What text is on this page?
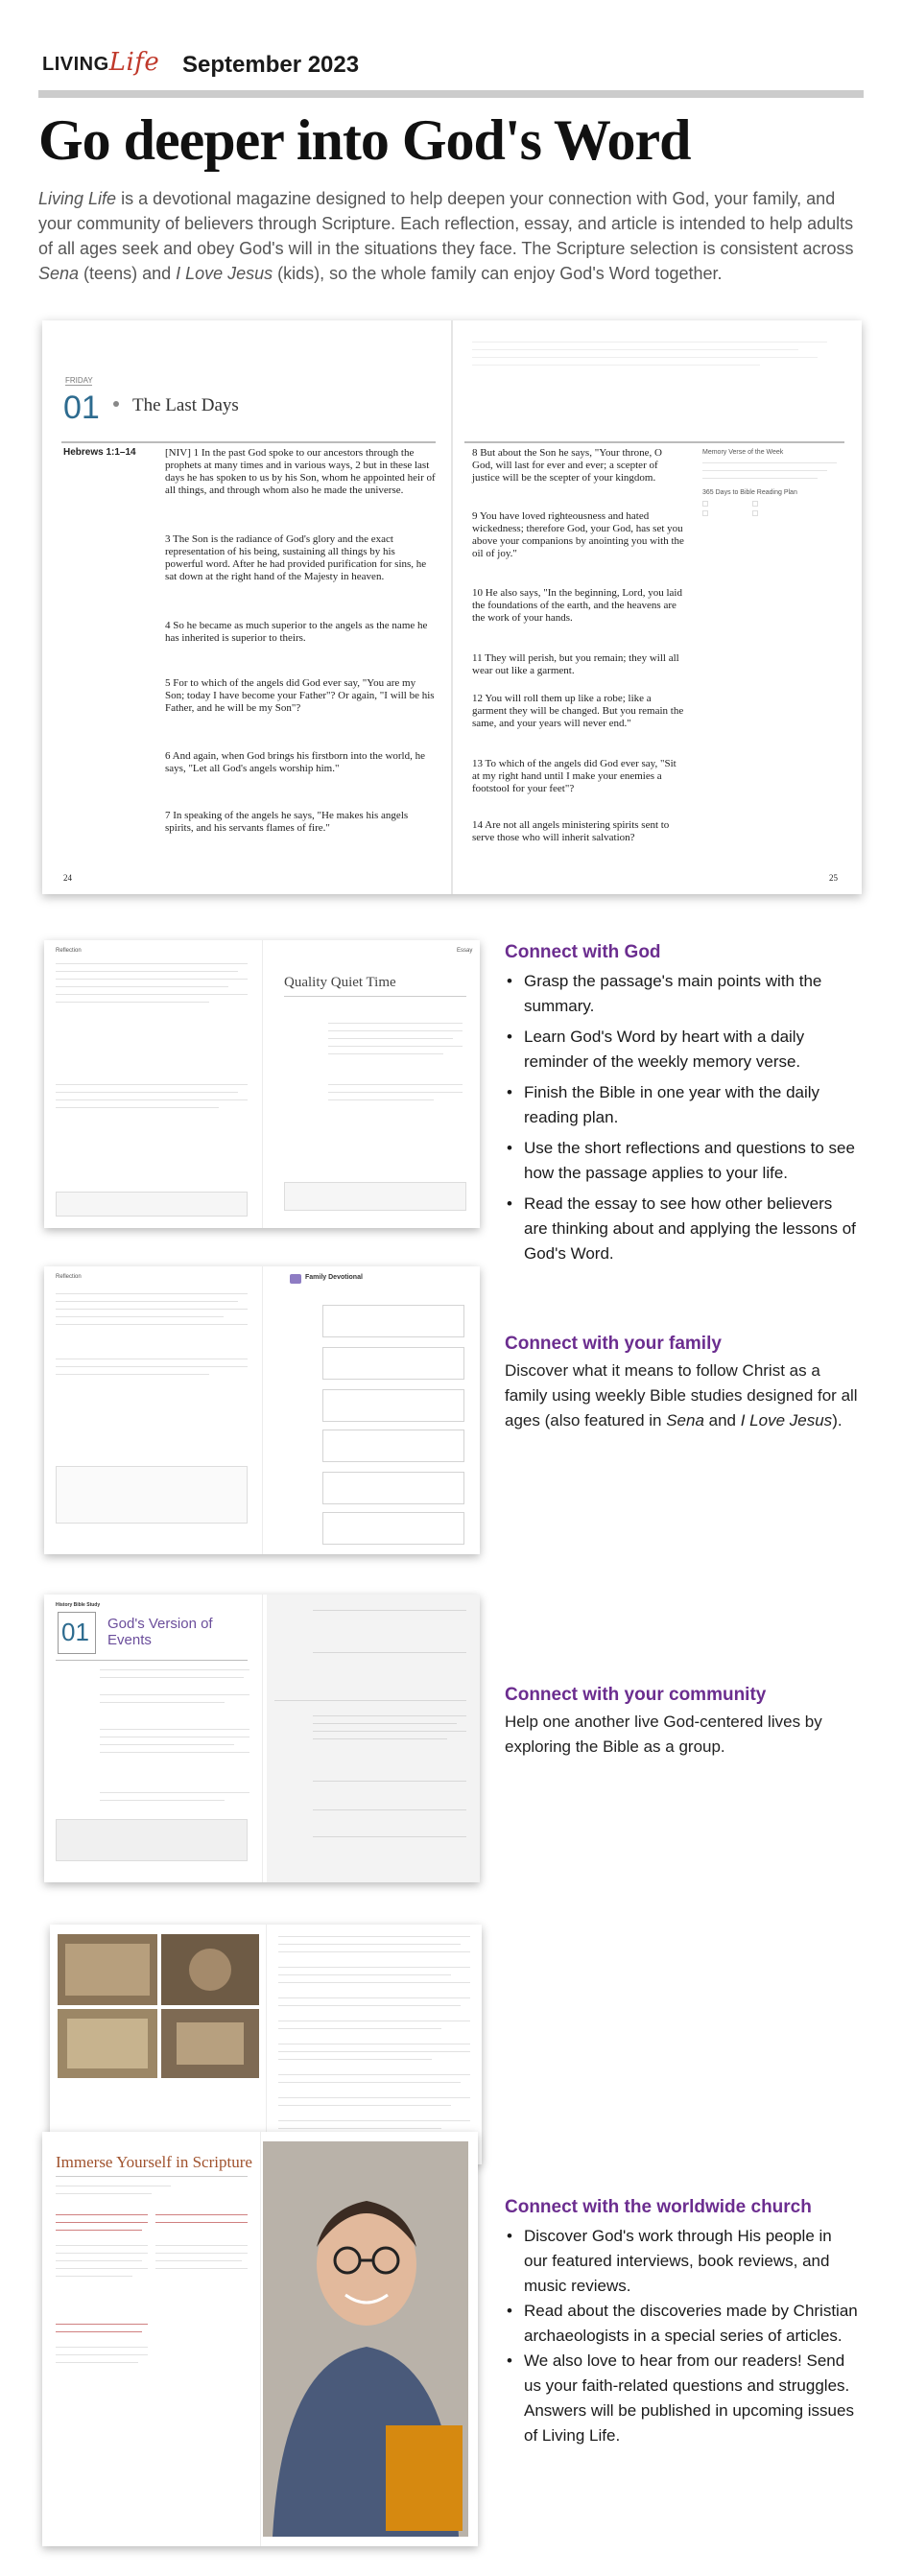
LIVINGLife September 2023
Go deeper into God's Word

Living Life is a devotional magazine designed to help deepen your connection with God, your family, and your community of believers through Scripture. Each reflection, essay, and article is intended to help adults of all ages seek and obey God's will in the situations they face. The Scripture selection is consistent across Sena (teens) and I Love Jesus (kids), so the whole family can enjoy God's Word together.

FRIDAY
01 The Last Days
Hebrews 1:1–14	[NIV] 1 In the past God spoke to our ancestors through the prophets at many times and in various ways, 2 but in these last days he has spoken to us by his Son, whom he appointed heir of all things, and through whom also he made the universe.
3 The Son is the radiance of God's glory and the exact representation of his being, sustaining all things by his powerful word. After he had provided purification for sins, he sat down at the right hand of the Majesty in heaven.
4 So he became as much superior to the angels as the name he has inherited is superior to theirs.
5 For to which of the angels did God ever say, "You are my Son; today I have become your Father"? Or again, "I will be his Father, and he will be my Son"?
6 And again, when God brings his firstborn into the world, he says, "Let all God's angels worship him."
7 In speaking of the angels he says, "He makes his angels spirits, and his servants flames of fire."
24
8 But about the Son he says, "Your throne, O God, will last for ever and ever; a scepter of justice will be the scepter of your kingdom.
9 You have loved righteousness and hated wickedness; therefore God, your God, has set you above your companions by anointing you with the oil of joy."
10 He also says, "In the beginning, Lord, you laid the foundations of the earth, and the heavens are the work of your hands.
11 They will perish, but you remain; they will all wear out like a garment.
12 You will roll them up like a robe; like a garment they will be changed. But you remain the same, and your years will never end."
13 To which of the angels did God ever say, "Sit at my right hand until I make your enemies a footstool for your feet"?
14 Are not all angels ministering spirits sent to serve those who will inherit salvation?
Memory Verse of the Week
365 Days to Bible Reading Plan
25
Reflection	Essay
Quality Quiet Time
•	Grasp the passage's main points with the summary.
• Learn God's Word by heart with a daily reminder of the weekly memory verse.
• Finish the Bible in one year with the daily reading plan.
• Use the short reflections and questions to see how the passage applies to your life.
• Read the essay to see how other believers are thinking about and applying the lessons of God's Word.
Connect with God
Reflection	Family Devotional
Connect with your family

Discover what it means to follow Christ as a family using weekly Bible studies designed for all ages (also featured in Sena and I Love Jesus).

History Bible Study
01 God's Version of Events
Connect with your community

Help one another live God-centered lives by exploring the Bible as a group.

Immerse Yourself in Scripture
Connect with the worldwide church
• Discover God's work through His people in our featured interviews, book reviews, and music reviews.
• Read about the discoveries made by Christian archaeologists in a special series of articles.
• We also love to hear from our readers! Send us your faith-related questions and struggles. Answers will be published in upcoming issues of Living Life.
